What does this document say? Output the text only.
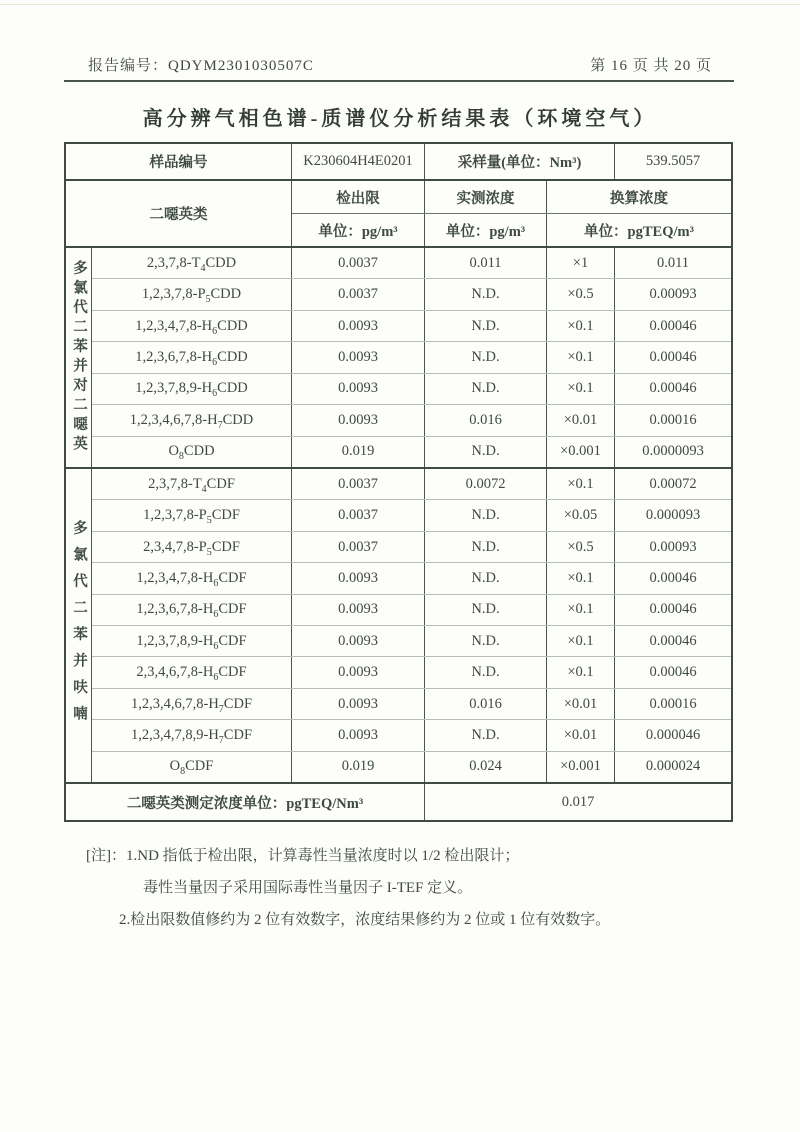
报告编号：QDYM2301030507C	第 16 页 共 20 页
高分辨气相色谱-质谱仪分析结果表（环境空气）
样品编号	K230604H4E0201	采样量(单位：Nm³)	539.5057
二噁英类
检出限	实测浓度	换算浓度
单位：pg/m³	单位：pg/m³	单位：pgTEQ/m³
多氯代二苯并对二噁英	$2,3,7,8-T_4CDD$	0.0037	0.011	×1	0.011
$1,2,3,7,8-P_5CDD$	0.0037	N.D.	×0.5	0.00093
$1,2,3,4,7,8-H_6CDD$	0.0093	N.D.	×0.1	0.00046
$1,2,3,6,7,8-H_6CDD$	0.0093	N.D.	×0.1	0.00046
$1,2,3,7,8,9-H_6CDD$	0.0093	N.D.	×0.1	0.00046
$1,2,3,4,6,7,8-H_7CDD$	0.0093	0.016	×0.01	0.00016
$O_8CDD$	0.019	N.D.	×0.001	0.0000093
多氯代二苯并呋喃
$2,3,7,8-T_4CDF$	0.0037	0.0072	×0.1	0.00072
$1,2,3,7,8-P_5CDF$	0.0037	N.D.	×0.05	0.000093
$2,3,4,7,8-P_5CDF$	0.0037	N.D.	×0.5	0.00093
$1,2,3,4,7,8-H_6CDF$	0.0093	N.D.	×0.1	0.00046
$1,2,3,6,7,8-H_6CDF$	0.0093	N.D.	×0.1	0.00046
$1,2,3,7,8,9-H_6CDF$	0.0093	N.D.	×0.1	0.00046
$2,3,4,6,7,8-H_6CDF$	0.0093	N.D.	×0.1	0.00046
$1,2,3,4,6,7,8-H_7CDF$	0.0093	0.016	×0.01	0.00016
$1,2,3,4,7,8,9-H_7CDF$	0.0093	N.D.	×0.01	0.000046
$O_8CDF$	0.019	0.024	×0.001	0.000024
二噁英类测定浓度单位：pgTEQ/Nm³	0.017
[注]：1.ND 指低于检出限，计算毒性当量浓度时以 1/2 检出限计；
毒性当量因子采用国际毒性当量因子 I-TEF 定义。
2.检出限数值修约为 2 位有效数字，浓度结果修约为 2 位或 1 位有效数字。
